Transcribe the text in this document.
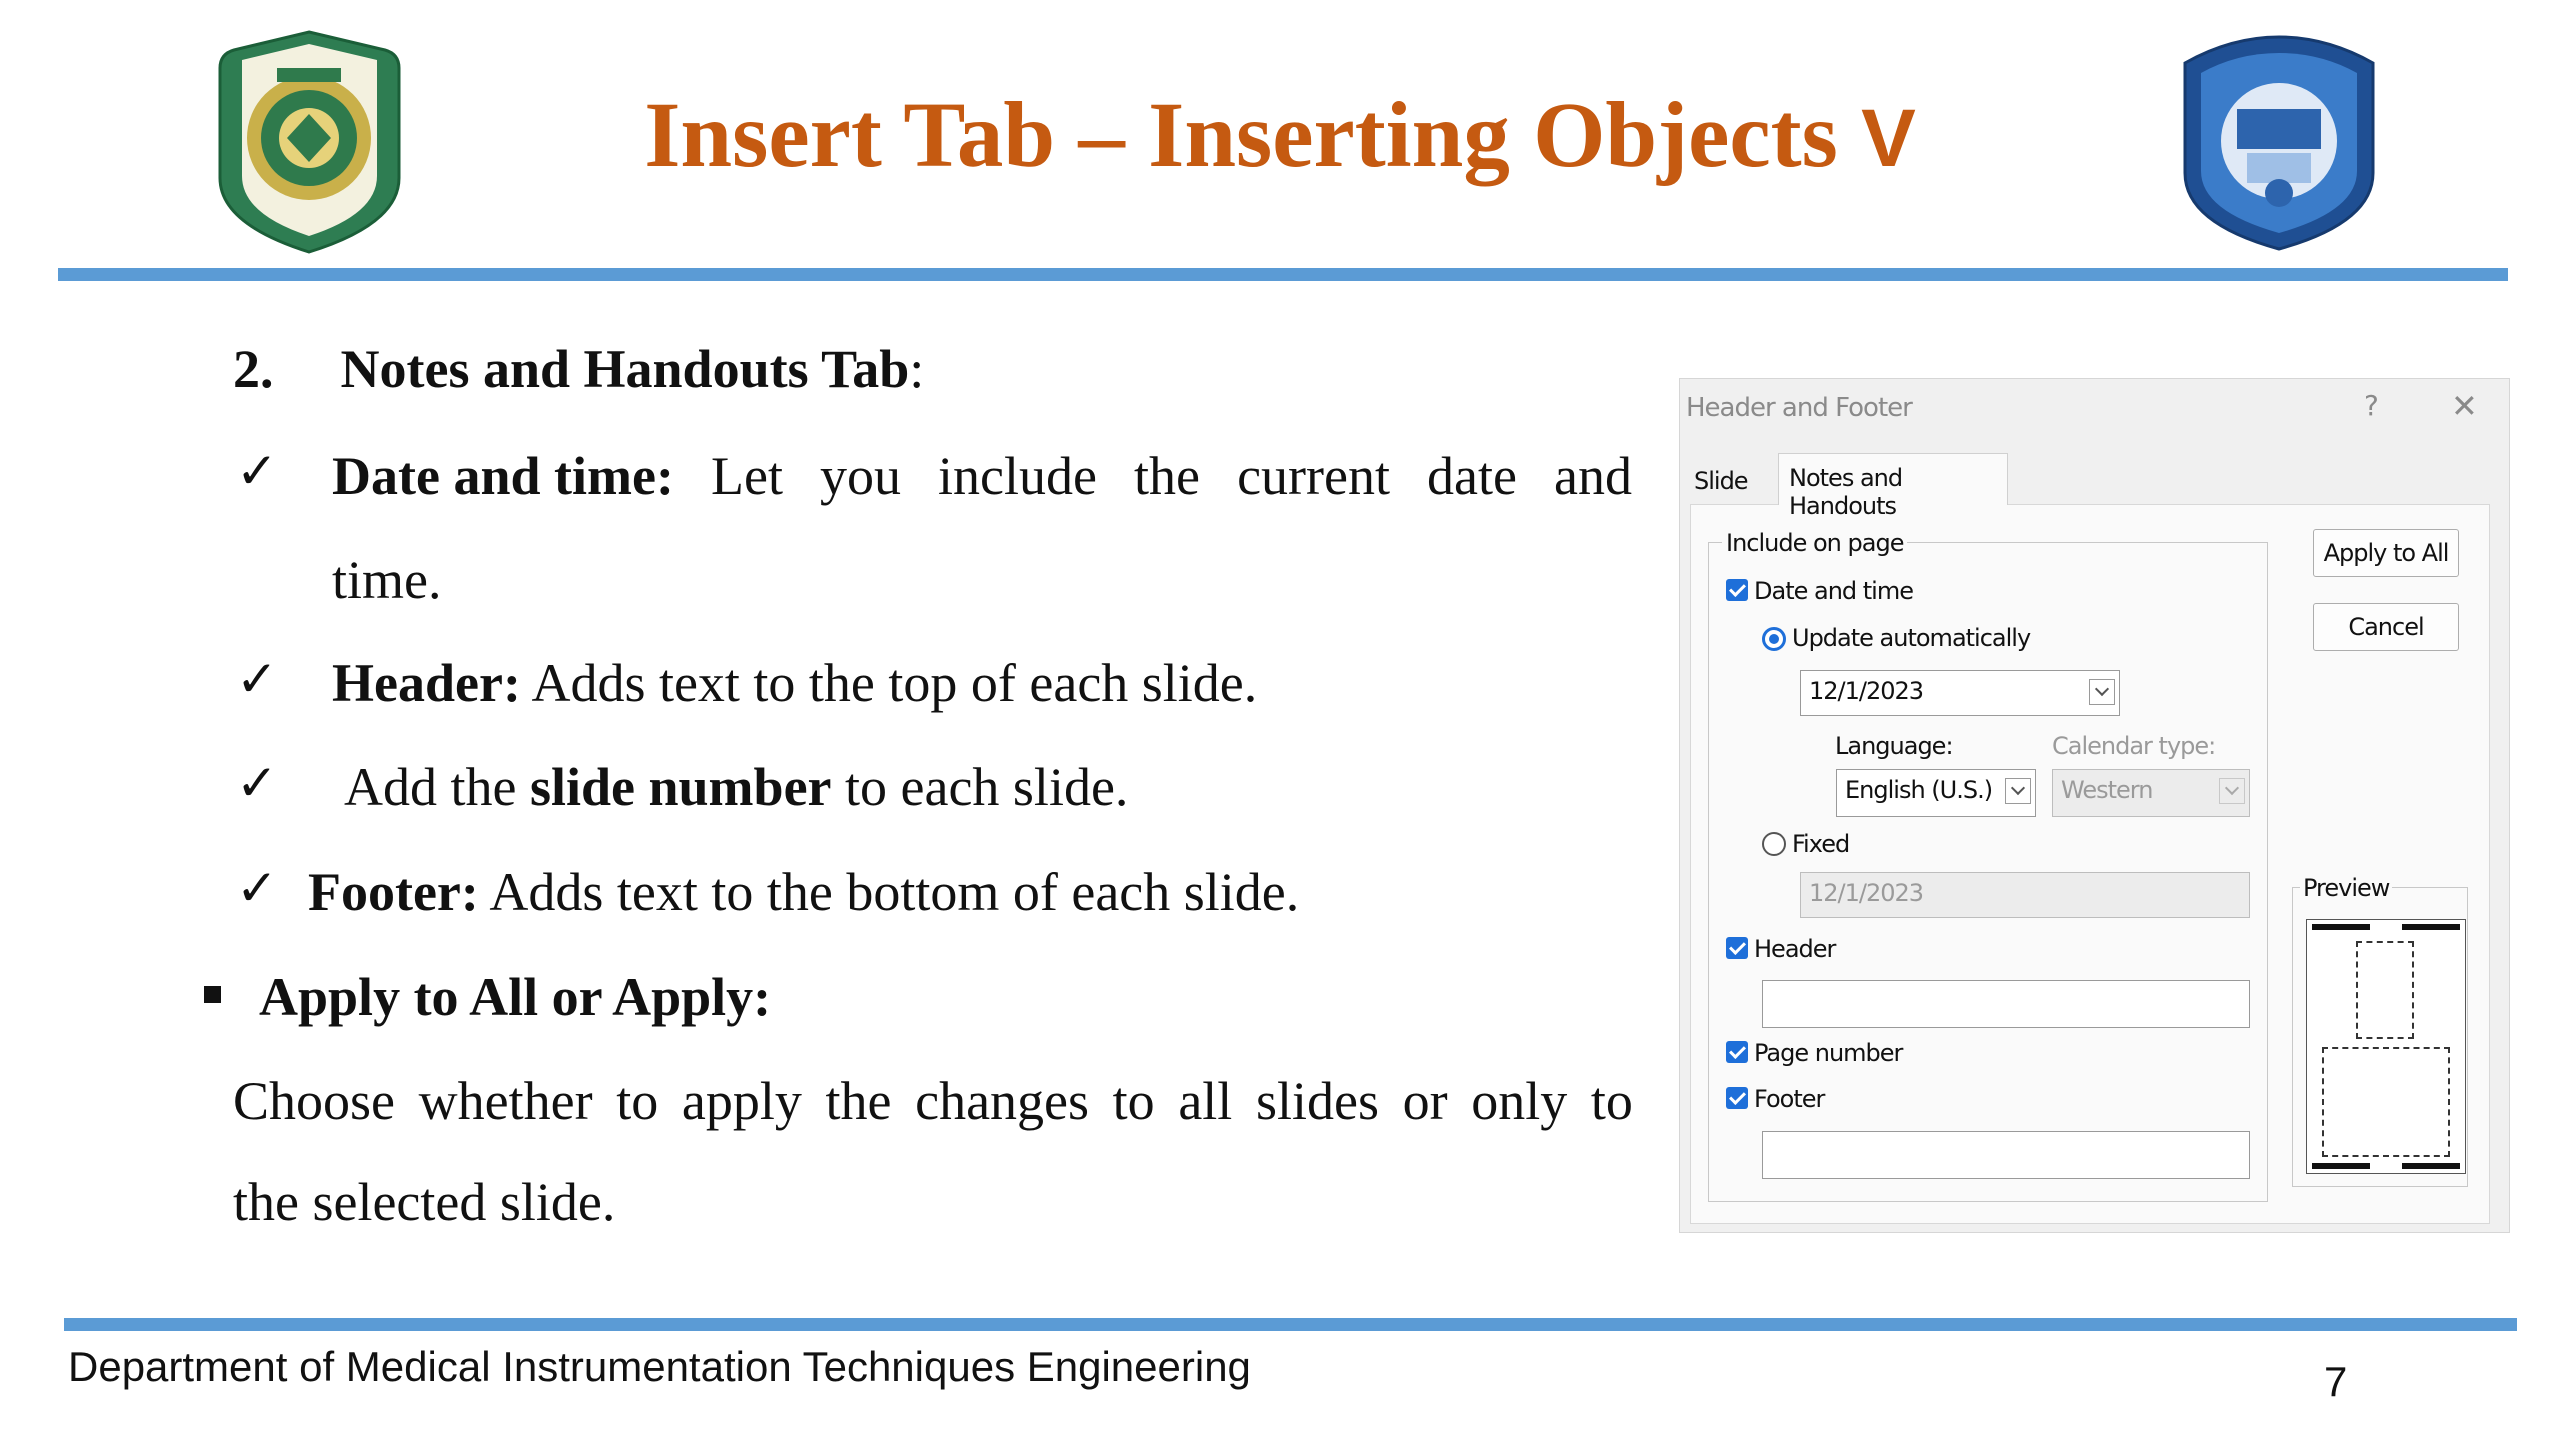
Insert Tab – Inserting Objects V
2. Notes and Handouts Tab:
✓ Date and time: Let you include the current date and
time.
✓ Header: Adds text to the top of each slide.
✓ Add the slide number to each slide.
✓ Footer: Adds text to the bottom of each slide.
Apply to All or Apply:
Choose whether to apply the changes to all slides or only to
the selected slide.
Header and Footer	? ✕
Slide	Notes and Handouts
Include on page
Date and time
Update automatically
12/1/2023
Language:	Calendar type:
English (U.S.)	Western
Fixed
12/1/2023
Header
Page number
Footer
Apply to All
Cancel
Preview
Department of Medical Instrumentation Techniques Engineering	7
